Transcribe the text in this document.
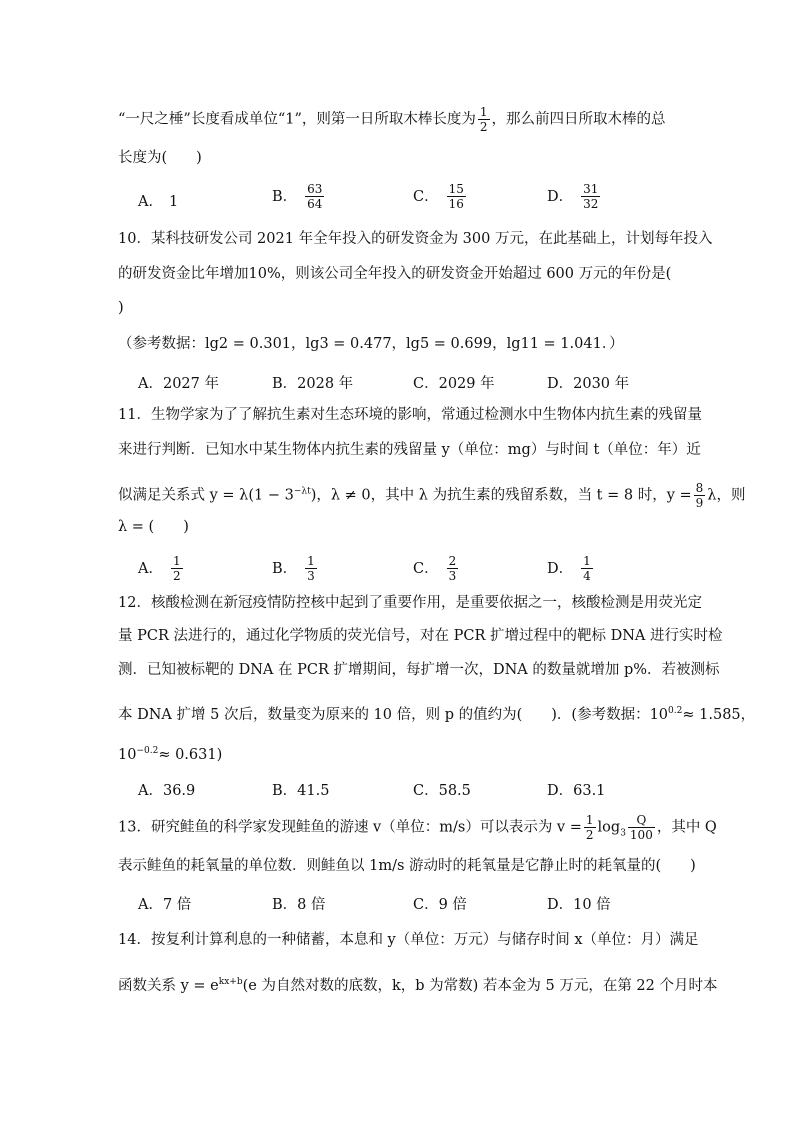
“一尺之棰”长度看成单位“1”，则第一日所取木棒长度为 $\frac{1}{2}$ ，那么前四日所取木棒的总
长度为(　　)
A． 1	B． $\frac{63}{64}$	C． $\frac{15}{16}$	D． $\frac{31}{32}$
10．某科技研发公司 2021 年全年投入的研发资金为 300 万元，在此基础上，计划每年投入
的研发资金比年增加10%，则该公司全年投入的研发资金开始超过 600 万元的年份是(
)
（参考数据：lg2 = 0.301，lg3 = 0.477，lg5 = 0.699，lg11 = 1.041．）
A．2027 年	B．2028 年	C．2029 年	D．2030 年
11．生物学家为了了解抗生素对生态环境的影响，常通过检测水中生物体内抗生素的残留量
来进行判断．已知水中某生物体内抗生素的残留量 y（单位：mg）与时间 t（单位：年）近
似满足关系式 $y = \lambda(1 - 3^{-\lambda t})$，λ ≠ 0，其中 λ 为抗生素的残留系数，当 t = 8 时，$y = \frac{8}{9}$ λ，则
λ = (　　)
A． $\frac{1}{2}$	B． $\frac{1}{3}$	C． $\frac{2}{3}$	D． $\frac{1}{4}$
12．核酸检测在新冠疫情防控核中起到了重要作用，是重要依据之一，核酸检测是用荧光定
量 PCR 法进行的，通过化学物质的荧光信号，对在 PCR 扩增过程中的靶标 DNA 进行实时检
测．已知被标靶的 DNA 在 PCR 扩增期间，每扩增一次，DNA 的数量就增加 p%．若被测标
本 DNA 扩增 5 次后，数量变为原来的 10 倍，则 p 的值约为(　　)．(参考数据：$10^{0.2}\approx 1.585$，
$10^{-0.2}\approx 0.631$)
A．36.9	B．41.5	C．58.5	D．63.1
13．研究鲑鱼的科学家发现鲑鱼的游速 v（单位：m/s）可以表示为 $v = \frac{1}{2} \log_3 \frac{Q}{100}$ ，其中 Q
表示鲑鱼的耗氧量的单位数．则鲑鱼以 1m/s 游动时的耗氧量是它静止时的耗氧量的(　　)
A．7 倍	B．8 倍	C．9 倍	D．10 倍
14．按复利计算利息的一种储蓄，本息和 y（单位：万元）与储存时间 x（单位：月）满足
函数关系 $y = e^{kx+b}(e$ 为自然对数的底数，k，b 为常数) 若本金为 5 万元，在第 22 个月时本
